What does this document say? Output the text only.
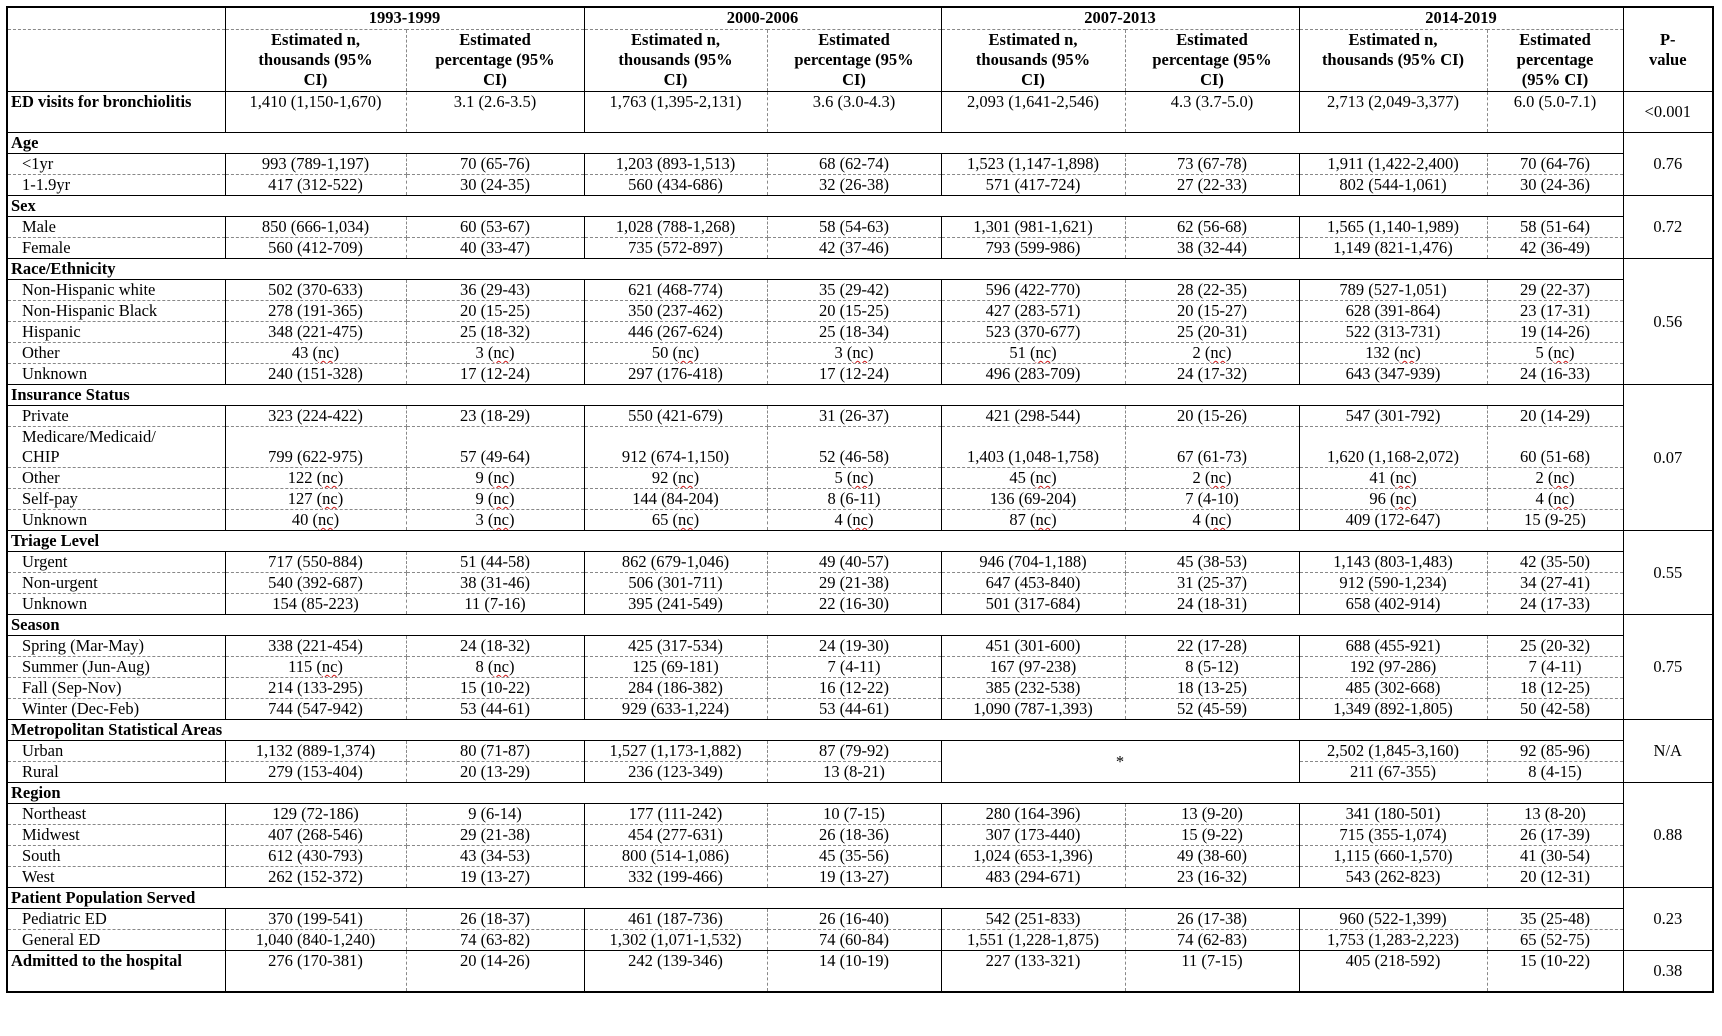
	1993-1999		2000-2006		2007-2013		2014-2019		P-value
	Estimated n, thousands (95% CI)	Estimated percentage (95% CI)	Estimated n, thousands (95% CI)	Estimated percentage (95% CI)	Estimated n, thousands (95% CI)	Estimated percentage (95% CI)	Estimated n, thousands (95% CI)	Estimated percentage (95% CI)	
ED visits for bronchiolitis	1,410 (1,150-1,670)	3.1 (2.6-3.5)	1,763 (1,395-2,131)	3.6 (3.0-4.3)	2,093 (1,641-2,546)	4.3 (3.7-5.0)	2,713 (2,049-3,377)	6.0 (5.0-7.1)	<0.001
Age									0.76
<1yr	993 (789-1,197)	70 (65-76)	1,203 (893-1,513)	68 (62-74)	1,523 (1,147-1,898)	73 (67-78)	1,911 (1,422-2,400)	70 (64-76)	
1-1.9yr	417 (312-522)	30 (24-35)	560 (434-686)	32 (26-38)	571 (417-724)	27 (22-33)	802 (544-1,061)	30 (24-36)	
Sex									0.72
Male	850 (666-1,034)	60 (53-67)	1,028 (788-1,268)	58 (54-63)	1,301 (981-1,621)	62 (56-68)	1,565 (1,140-1,989)	58 (51-64)	
Female	560 (412-709)	40 (33-47)	735 (572-897)	42 (37-46)	793 (599-986)	38 (32-44)	1,149 (821-1,476)	42 (36-49)	
Race/Ethnicity									0.56
Non-Hispanic white	502 (370-633)	36 (29-43)	621 (468-774)	35 (29-42)	596 (422-770)	28 (22-35)	789 (527-1,051)	29 (22-37)	
Non-Hispanic Black	278 (191-365)	20 (15-25)	350 (237-462)	20 (15-25)	427 (283-571)	20 (15-27)	628 (391-864)	23 (17-31)	
Hispanic	348 (221-475)	25 (18-32)	446 (267-624)	25 (18-34)	523 (370-677)	25 (20-31)	522 (313-731)	19 (14-26)	
Other	43 (nc)	3 (nc)	50 (nc)	3 (nc)	51 (nc)	2 (nc)	132 (nc)	5 (nc)	
Unknown	240 (151-328)	17 (12-24)	297 (176-418)	17 (12-24)	496 (283-709)	24 (17-32)	643 (347-939)	24 (16-33)	
Insurance Status									0.07
Private	323 (224-422)	23 (18-29)	550 (421-679)	31 (26-37)	421 (298-544)	20 (15-26)	547 (301-792)	20 (14-29)	
Medicare/Medicaid/ CHIP	799 (622-975)	57 (49-64)	912 (674-1,150)	52 (46-58)	1,403 (1,048-1,758)	67 (61-73)	1,620 (1,168-2,072)	60 (51-68)	
Other	122 (nc)	9 (nc)	92 (nc)	5 (nc)	45 (nc)	2 (nc)	41 (nc)	2 (nc)	
Self-pay	127 (nc)	9 (nc)	144 (84-204)	8 (6-11)	136 (69-204)	7 (4-10)	96 (nc)	4 (nc)	
Unknown	40 (nc)	3 (nc)	65 (nc)	4 (nc)	87 (nc)	4 (nc)	409 (172-647)	15 (9-25)	
Triage Level									0.55
Urgent	717 (550-884)	51 (44-58)	862 (679-1,046)	49 (40-57)	946 (704-1,188)	45 (38-53)	1,143 (803-1,483)	42 (35-50)	
Non-urgent	540 (392-687)	38 (31-46)	506 (301-711)	29 (21-38)	647 (453-840)	31 (25-37)	912 (590-1,234)	34 (27-41)	
Unknown	154 (85-223)	11 (7-16)	395 (241-549)	22 (16-30)	501 (317-684)	24 (18-31)	658 (402-914)	24 (17-33)	
Season									0.75
Spring (Mar-May)	338 (221-454)	24 (18-32)	425 (317-534)	24 (19-30)	451 (301-600)	22 (17-28)	688 (455-921)	25 (20-32)	
Summer (Jun-Aug)	115 (nc)	8 (nc)	125 (69-181)	7 (4-11)	167 (97-238)	8 (5-12)	192 (97-286)	7 (4-11)	
Fall (Sep-Nov)	214 (133-295)	15 (10-22)	284 (186-382)	16 (12-22)	385 (232-538)	18 (13-25)	485 (302-668)	18 (12-25)	
Winter (Dec-Feb)	744 (547-942)	53 (44-61)	929 (633-1,224)	53 (44-61)	1,090 (787-1,393)	52 (45-59)	1,349 (892-1,805)	50 (42-58)	
Metropolitan Statistical Areas									N/A
Urban	1,132 (889-1,374)	80 (71-87)	1,527 (1,173-1,882)	87 (79-92)	*		2,502 (1,845-3,160)	92 (85-96)	
Rural	279 (153-404)	20 (13-29)	236 (123-349)	13 (8-21)			211 (67-355)	8 (4-15)	
Region									0.88
Northeast	129 (72-186)	9 (6-14)	177 (111-242)	10 (7-15)	280 (164-396)	13 (9-20)	341 (180-501)	13 (8-20)	
Midwest	407 (268-546)	29 (21-38)	454 (277-631)	26 (18-36)	307 (173-440)	15 (9-22)	715 (355-1,074)	26 (17-39)	
South	612 (430-793)	43 (34-53)	800 (514-1,086)	45 (35-56)	1,024 (653-1,396)	49 (38-60)	1,115 (660-1,570)	41 (30-54)	
West	262 (152-372)	19 (13-27)	332 (199-466)	19 (13-27)	483 (294-671)	23 (16-32)	543 (262-823)	20 (12-31)	
Patient Population Served									0.23
Pediatric ED	370 (199-541)	26 (18-37)	461 (187-736)	26 (16-40)	542 (251-833)	26 (17-38)	960 (522-1,399)	35 (25-48)	
General ED	1,040 (840-1,240)	74 (63-82)	1,302 (1,071-1,532)	74 (60-84)	1,551 (1,228-1,875)	74 (62-83)	1,753 (1,283-2,223)	65 (52-75)	
Admitted to the hospital	276 (170-381)	20 (14-26)	242 (139-346)	14 (10-19)	227 (133-321)	11 (7-15)	405 (218-592)	15 (10-22)	0.38
